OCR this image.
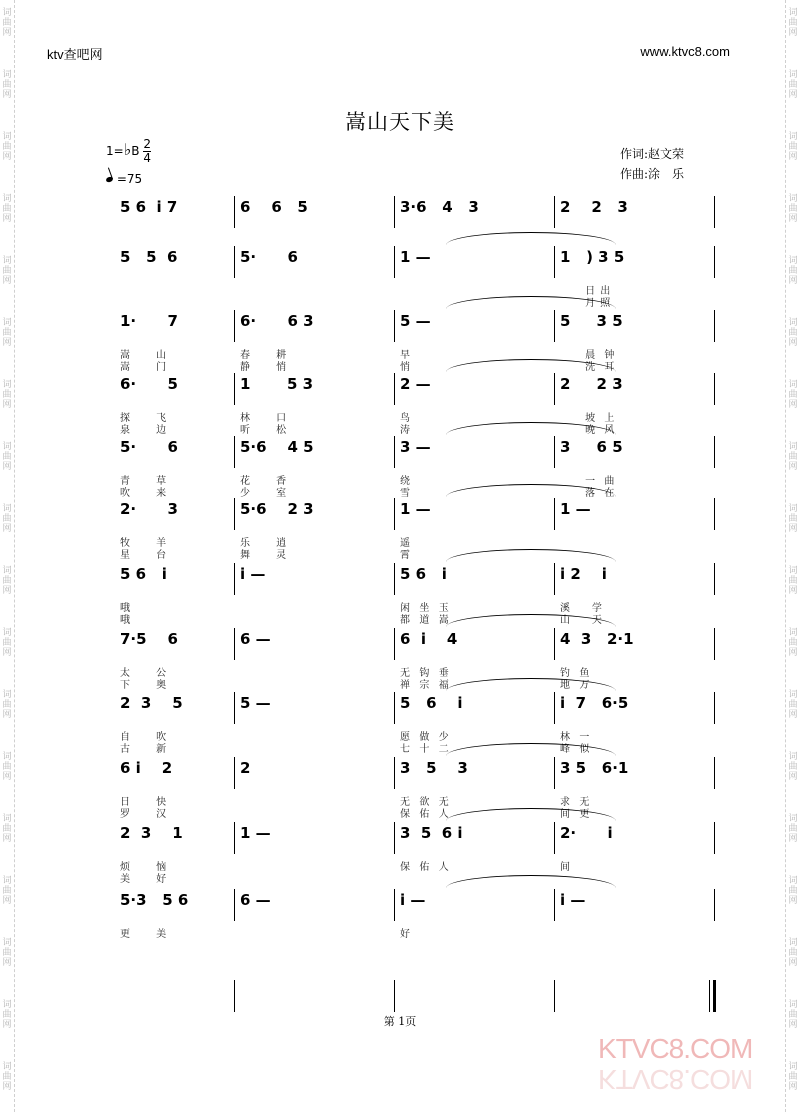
词
曲
网
词
曲
网
词
曲
网
词
曲
网
词
曲
网
词
曲
网
词
曲
网
词
曲
网
词
曲
网
词
曲
网
词
曲
网
词
曲
网
词
曲
网
词
曲
网
词
曲
网
词
曲
网
词
曲
网
词
曲
网
词
曲
网
词
曲
网
词
曲
网
词
曲
网
词
曲
网
词
曲
网
词
曲
网
词
曲
网
词
曲
网
词
曲
网
词
曲
网
词
曲
网
词
曲
网
词
曲
网
词
曲
网
词
曲
网
词
曲
网
词
曲
网
ktv查吧网	www.ktvc8.com
嵩山天下美
1=♭B $\frac{2}{4}$
=75
作词:赵文荣
作曲:涂　乐
5 6  i 7	6    6   5	3·6   4   3	2    2   3
5   5  6	5·      6	1 —	1   ) 3 5
日 出
月 照
1·      7
嵩      山
嵩      门
6·      6 3
春      耕
静      悄
5 —
早
悄
5     3 5
晨  钟
洗  耳
6·      5
探      飞
泉      边
1       5 3
林      口
听      松
2 —
鸟
涛
2     2 3
坡  上
晚  风
5·      6
青      草
吹      来
5·6    4 5
花      香
少      室
3 —
绕
雪
3     6 5
一  曲
落  在
2·      3
牧      羊
星      台
5·6    2 3
乐      逍
舞      灵
1 —
遥
霄
1 —
5 6   i
哦
哦
i —	5 6   i
闲  坐  玉
都  道  嵩
i 2    i
溪     学
山     天
7·5    6
太      公
下      奥
6 —	6  i    4
无  钩  垂
禅  宗  福
4  3   2·1
钓  鱼
地  万
2  3    5
自      吹
古      新
5 —	5   6    i
愿  做  少
七  十  二
i  7   6·5
林  一
峰  似
6 i    2
日      快
罗      汉
2	3   5    3
无  欲  无
保  佑  人
3 5   6·1
求  无
间  更
2  3    1
烦      恼
美      好
1 —	3  5  6 i
保  佑  人
2·      i
间
5·3   5 6
更      美
6 —	i —
好
i —
第 1页
KTVC8.COM
KTVC8.COM
